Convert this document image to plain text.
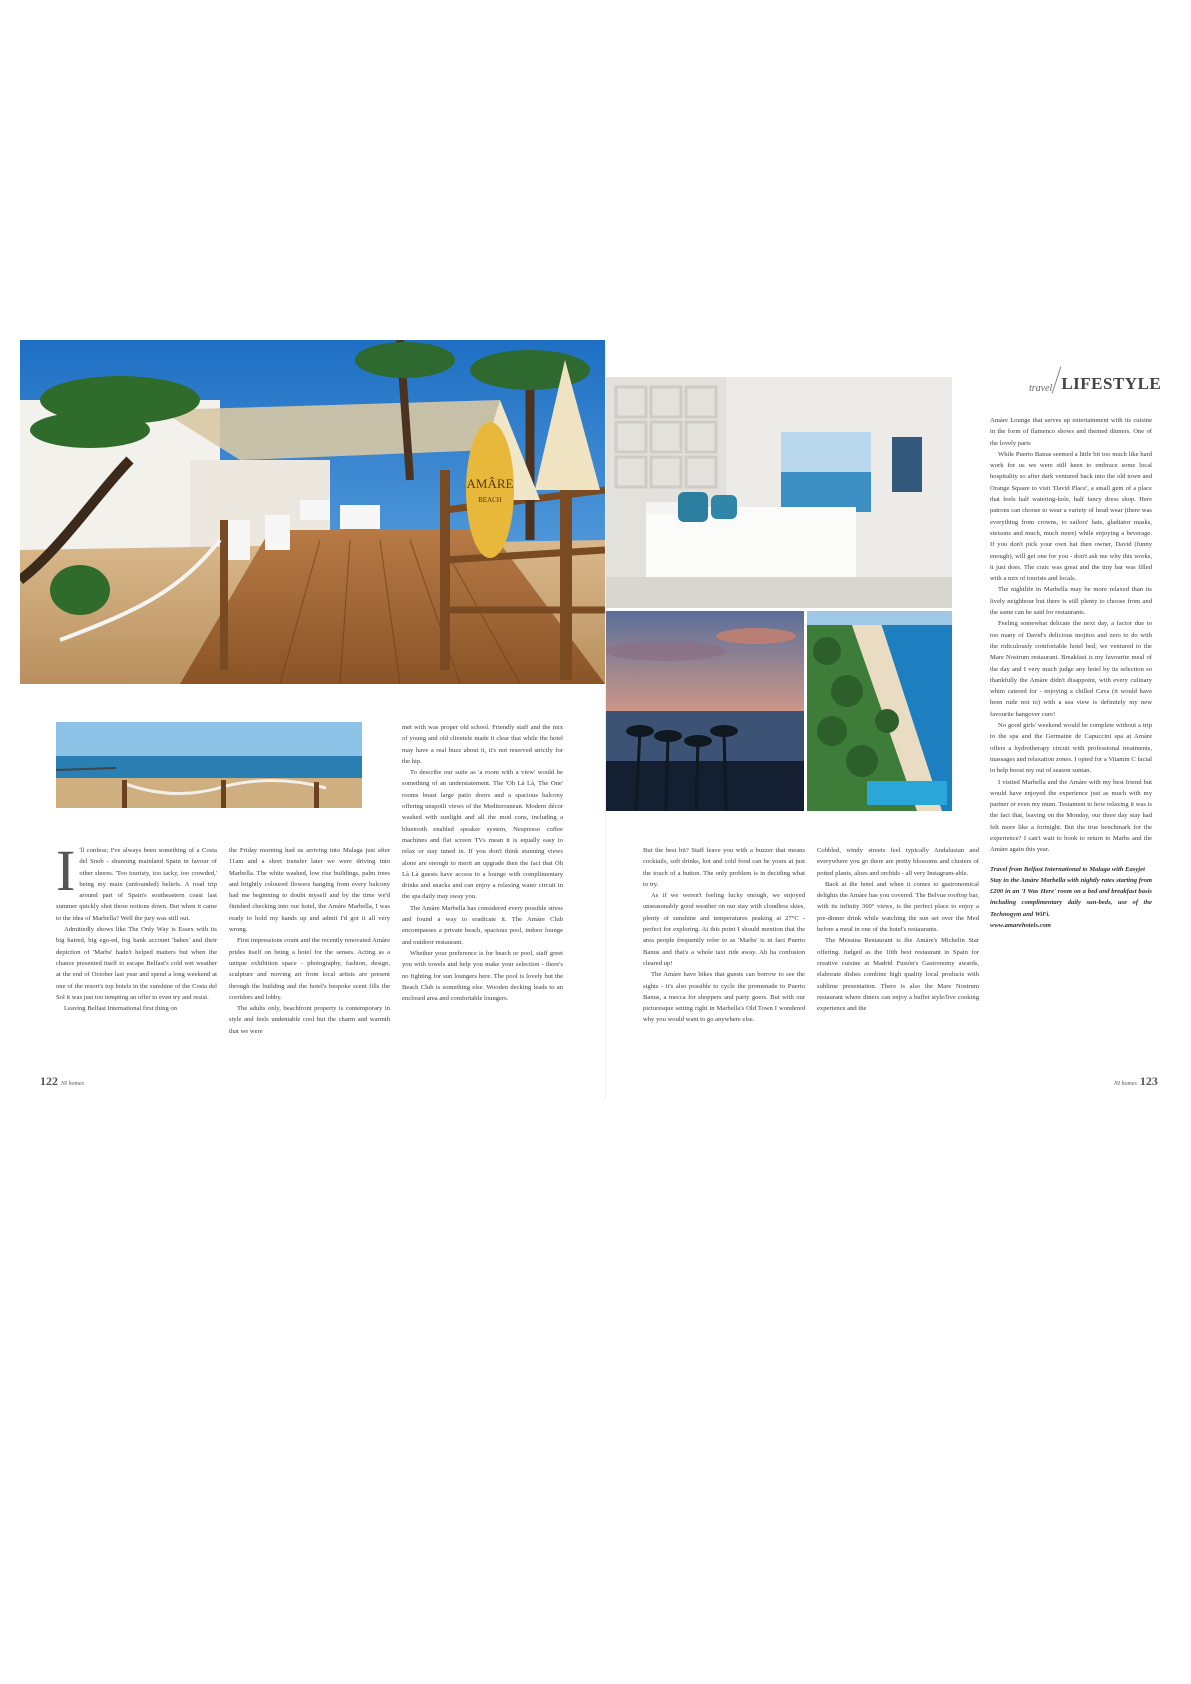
AMÂRE
BEACH
travel LIFESTYLE

I 'll confess; I've always been something of a Costa del Snob - shunning mainland Spain in favour of other shores. 'Too touristy, too tacky, too crowded,' being my main (unfounded) beliefs. A road trip around part of Spain's southeastern coast last summer quickly shot those notions down. But when it came to the idea of Marbella? Well the jury was still out.

Admittedly shows like The Only Way is Essex with its big haired, big ego-ed, big bank account 'babes' and their depiction of 'Marbs' hadn't helped matters but when the chance presented itself to escape Belfast's cold wet weather at the end of October last year and spend a long weekend at one of the resort's top hotels in the sunshine of the Costa del Sol it was just too tempting an offer to even try and resist.

Leaving Belfast International first thing on

the Friday morning had us arriving into Malaga just after 11am and a short transfer later we were driving into Marbella. The white washed, low rise buildings, palm trees and brightly coloured flowers hanging from every balcony had me beginning to doubt myself and by the time we'd finished checking into our hotel, the Amàre Marbella, I was ready to hold my hands up and admit I'd got it all very wrong.

First impressions count and the recently renovated Amàre prides itself on being a hotel for the senses. Acting as a unique exhibition space - photography, fashion, design, sculpture and moving art from local artists are present through the building and the hotel's bespoke scent fills the corridors and lobby.

The adults only, beachfront property is contemporary in style and feels undeniable cool but the charm and warmth that we were

met with was proper old school. Friendly staff and the mix of young and old clientele made it clear that while the hotel may have a real buzz about it, it's not reserved strictly for the hip.

To describe our suite as 'a room with a view' would be something of an understatement. The 'Oh Là Là, The One' rooms boast large patio doors and a spacious balcony offering unspoilt views of the Mediterranean. Modern décor washed with sunlight and all the mod cons, including a bluetooth enabled speaker system, Nespresso coffee machines and flat screen TVs mean it is equally easy to relax or stay tuned in. If you don't think stunning views alone are enough to merit an upgrade then the fact that Oh Là Là guests have access to a lounge with complimentary drinks and snacks and can enjoy a relaxing water circuit in the spa daily may sway you.

The Amàre Marbella has considered every possible stress and found a way to eradicate it. The Amàre Club encompasses a private beach, spacious pool, indoor lounge and outdoor restaurant.

Whether your preference is for beach or pool, staff greet you with towels and help you make your selection - there's no fighting for sun loungers here. The pool is lovely but the Beach Club is something else. Wooden decking leads to an enclosed area and comfortable loungers.

But the best bit? Staff leave you with a buzzer that means cocktails, soft drinks, hot and cold food can be yours at just the touch of a button. The only problem is in deciding what to try.

As if we weren't feeling lucky enough, we enjoyed unseasonably good weather on our stay with cloudless skies, plenty of sunshine and temperatures peaking at 27°C - perfect for exploring. At this point I should mention that the area people frequently refer to as 'Marbs' is in fact Puerto Banus and that's a whole taxi ride away. Ah ha confusion cleared up!

The Amàre have bikes that guests can borrow to see the sights - it's also possible to cycle the promenade to Puerto Banus, a mecca for shoppers and party goers. But with our picturesque setting right in Marbella's Old Town I wondered why you would want to go anywhere else.

Cobbled, windy streets feel typically Andalusian and everywhere you go there are pretty blossoms and clusters of potted plants, aloes and orchids - all very Instagram-able.

Back at the hotel and when it comes to gastronomical delights the Amàre has you covered. The Belvue rooftop bar, with its infinity 360° views, is the perfect place to enjoy a pre-dinner drink while watching the sun set over the Med before a meal in one of the hotel's restaurants.

The Messina Restaurant is the Amàre's Michelin Star offering. Judged as the 10th best restaurant in Spain for creative cuisine at Madrid Fusión's Gastronomy awards, elaborate dishes combine high quality local products with sublime presentation. There is also the Mare Nostrum restaurant where diners can enjoy a buffet style/live cooking experience and the

Amàre Lounge that serves up entertainment with its cuisine in the form of flamenco shows and themed dinners. One of the lovely parts

While Puerto Banus seemed a little bit too much like hard work for us we were still keen to embrace some local hospitality so after dark ventured back into the old town and Orange Square to visit 'David Place', a small gem of a place that feels half watering-hole, half fancy dress shop. Here patrons can choose to wear a variety of head wear (there was everything from crowns, to sailors' hats, gladiator masks, stetsons and much, much more) while enjoying a beverage. If you don't pick your own hat then owner, David (funny enough), will get one for you - don't ask me why this works, it just does. The craic was great and the tiny bar was filled with a mix of tourists and locals.

The nightlife in Marbella may be more relaxed than its lively neighbour but there is still plenty to choose from and the same can be said for restaurants.

Feeling somewhat delicate the next day, a factor due to too many of David's delicious mojitos and zero to do with the ridiculously comfortable hotel bed, we ventured to the Mare Nostrum restaurant. Breakfast is my favourite meal of the day and I very much judge any hotel by its selection so thankfully the Amàre didn't disappoint, with every culinary whim catered for - enjoying a chilled Cava (it would have been rude not to) with a sea view is definitely my new favourite hangover cure!

No good girls' weekend would be complete without a trip to the spa and the Germaine de Capuccini spa at Amàre offers a hydrotherapy circuit with professional treatments, massages and relaxation zones. I opted for a Vitamin C facial to help boost my out of season suntan.

I visited Marbella and the Amàre with my best friend but would have enjoyed the experience just as much with my partner or even my mum. Testament to how relaxing it was is the fact that, leaving on the Monday, our three day stay had felt more like a fortnight. But the true benchmark for the experience? I can't wait to book to return to Marbs and the Amàre again this year.

Travel from Belfast International to Malaga with Easyjet

Stay in the Amàre Marbella with nightly rates starting from £200 in an 'I Was Here' room on a bed and breakfast basis including complimentary daily sun-beds, use of the Technogym and WiFi.

www.amarehotels.com

122 NI homes	NI homes 123
